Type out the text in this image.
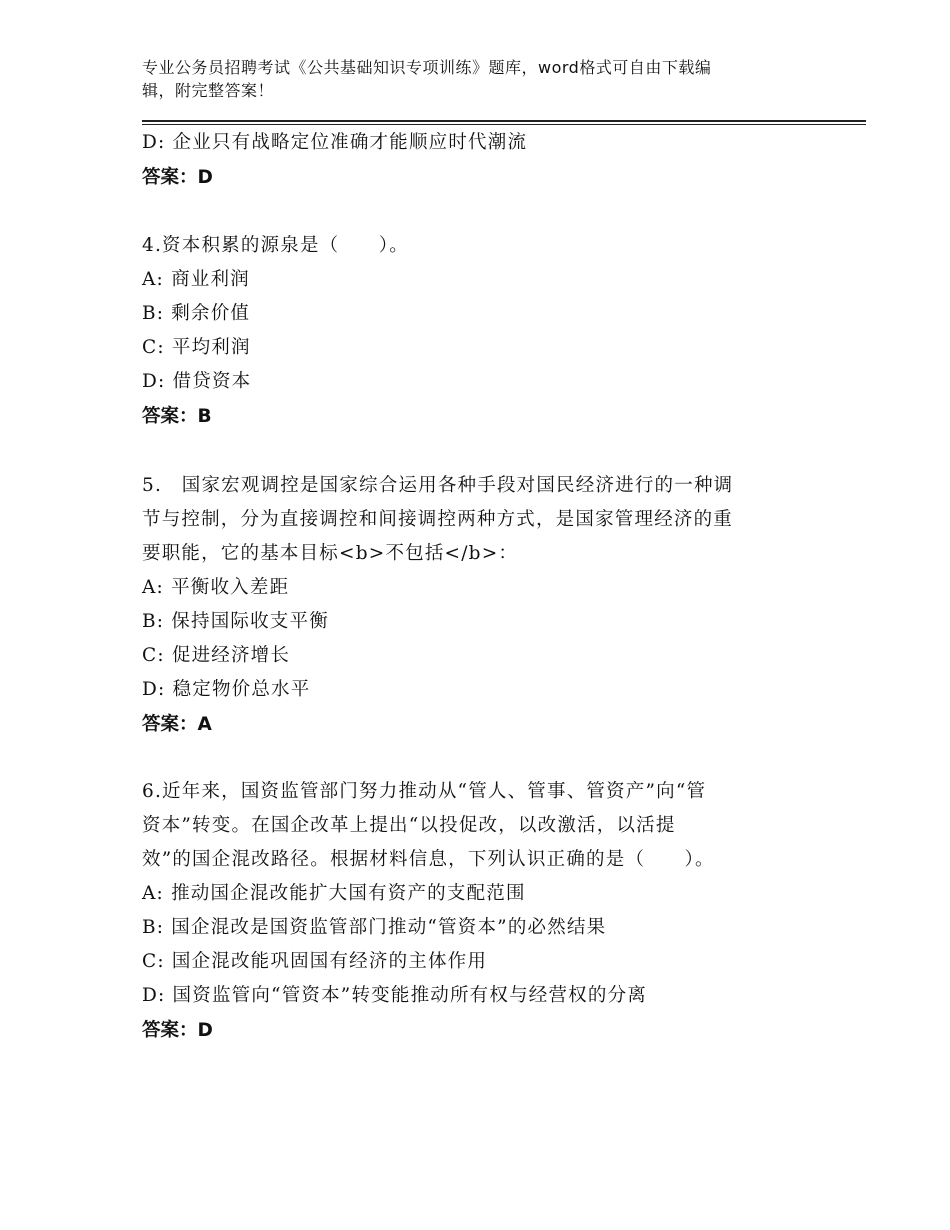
专业公务员招聘考试《公共基础知识专项训练》题库，word格式可自由下载编
辑，附完整答案！
D: 企业只有战略定位准确才能顺应时代潮流
答案：D
4.资本积累的源泉是（　　）。
A: 商业利润
B: 剩余价值
C: 平均利润
D: 借贷资本
答案：B
5.　国家宏观调控是国家综合运用各种手段对国民经济进行的一种调
节与控制，分为直接调控和间接调控两种方式，是国家管理经济的重
要职能，它的基本目标<b>不包括</b>：
A: 平衡收入差距
B: 保持国际收支平衡
C: 促进经济增长
D: 稳定物价总水平
答案：A
6.近年来，国资监管部门努力推动从“管人、管事、管资产”向“管
资本”转变。在国企改革上提出“以投促改，以改激活，以活提
效”的国企混改路径。根据材料信息，下列认识正确的是（　　）。
A: 推动国企混改能扩大国有资产的支配范围
B: 国企混改是国资监管部门推动“管资本”的必然结果
C: 国企混改能巩固国有经济的主体作用
D: 国资监管向“管资本”转变能推动所有权与经营权的分离
答案：D
